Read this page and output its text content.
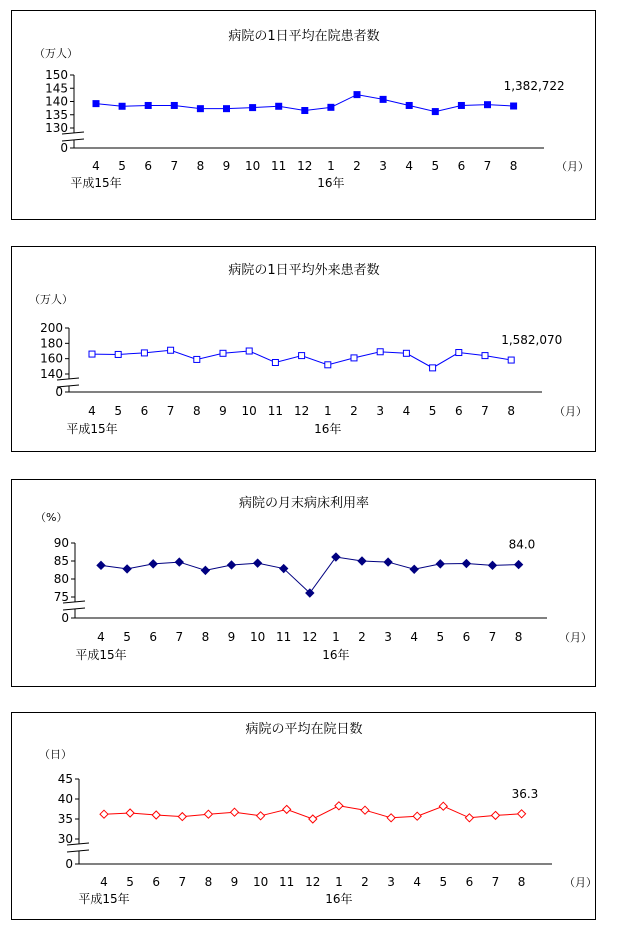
病院の1日平均在院患者数
（万人）
150
145
140
135
130
0
4 5 6 7 8 9 10 11 12 1 2 3 4 5 6 7 8	（月）
平成15年	16年
1,382,722
病院の1日平均外来患者数
（万人）
200
180
160
140
0
4 5 6 7 8 9 10 11 12 1 2 3 4 5 6 7 8	（月）
平成15年	16年
1,582,070
病院の月末病床利用率
（%）
90
85
80
75
0
4 5 6 7 8 9 10 11 12 1 2 3 4 5 6 7 8	（月）
平成15年	16年
84.0
病院の平均在院日数
（日）
45
40
35
30
0
4 5 6 7 8 9 10 11 12 1 2 3 4 5 6 7 8	（月）
平成15年	16年
36.3
